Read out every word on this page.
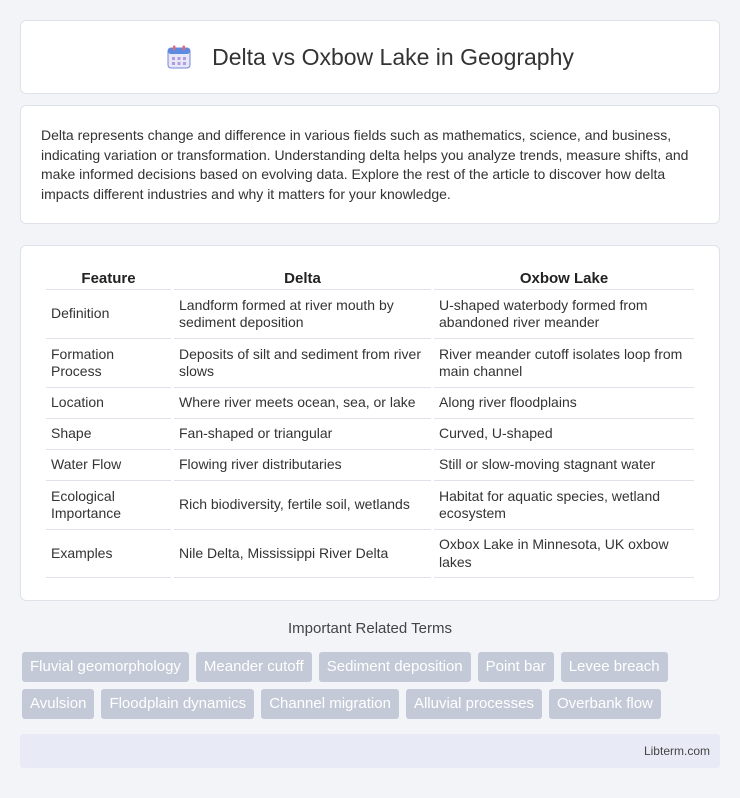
Delta vs Oxbow Lake in Geography

Delta represents change and difference in various fields such as mathematics, science, and business, indicating variation or transformation. Understanding delta helps you analyze trends, measure shifts, and make informed decisions based on evolving data. Explore the rest of the article to discover how delta impacts different industries and why it matters for your knowledge.

Feature	Delta	Oxbow Lake
Definition	Landform formed at river mouth by sediment deposition	U-shaped waterbody formed from abandoned river meander
Formation Process	Deposits of silt and sediment from river slows	River meander cutoff isolates loop from main channel
Location	Where river meets ocean, sea, or lake	Along river floodplains
Shape	Fan-shaped or triangular	Curved, U-shaped
Water Flow	Flowing river distributaries	Still or slow-moving stagnant water
Ecological Importance	Rich biodiversity, fertile soil, wetlands	Habitat for aquatic species, wetland ecosystem
Examples	Nile Delta, Mississippi River Delta	Oxbox Lake in Minnesota, UK oxbow lakes
Important Related Terms
Fluvial geomorphology	Meander cutoff	Sediment deposition	Point bar	Levee breach
Avulsion	Floodplain dynamics	Channel migration	Alluvial processes	Overbank flow
Libterm.com
